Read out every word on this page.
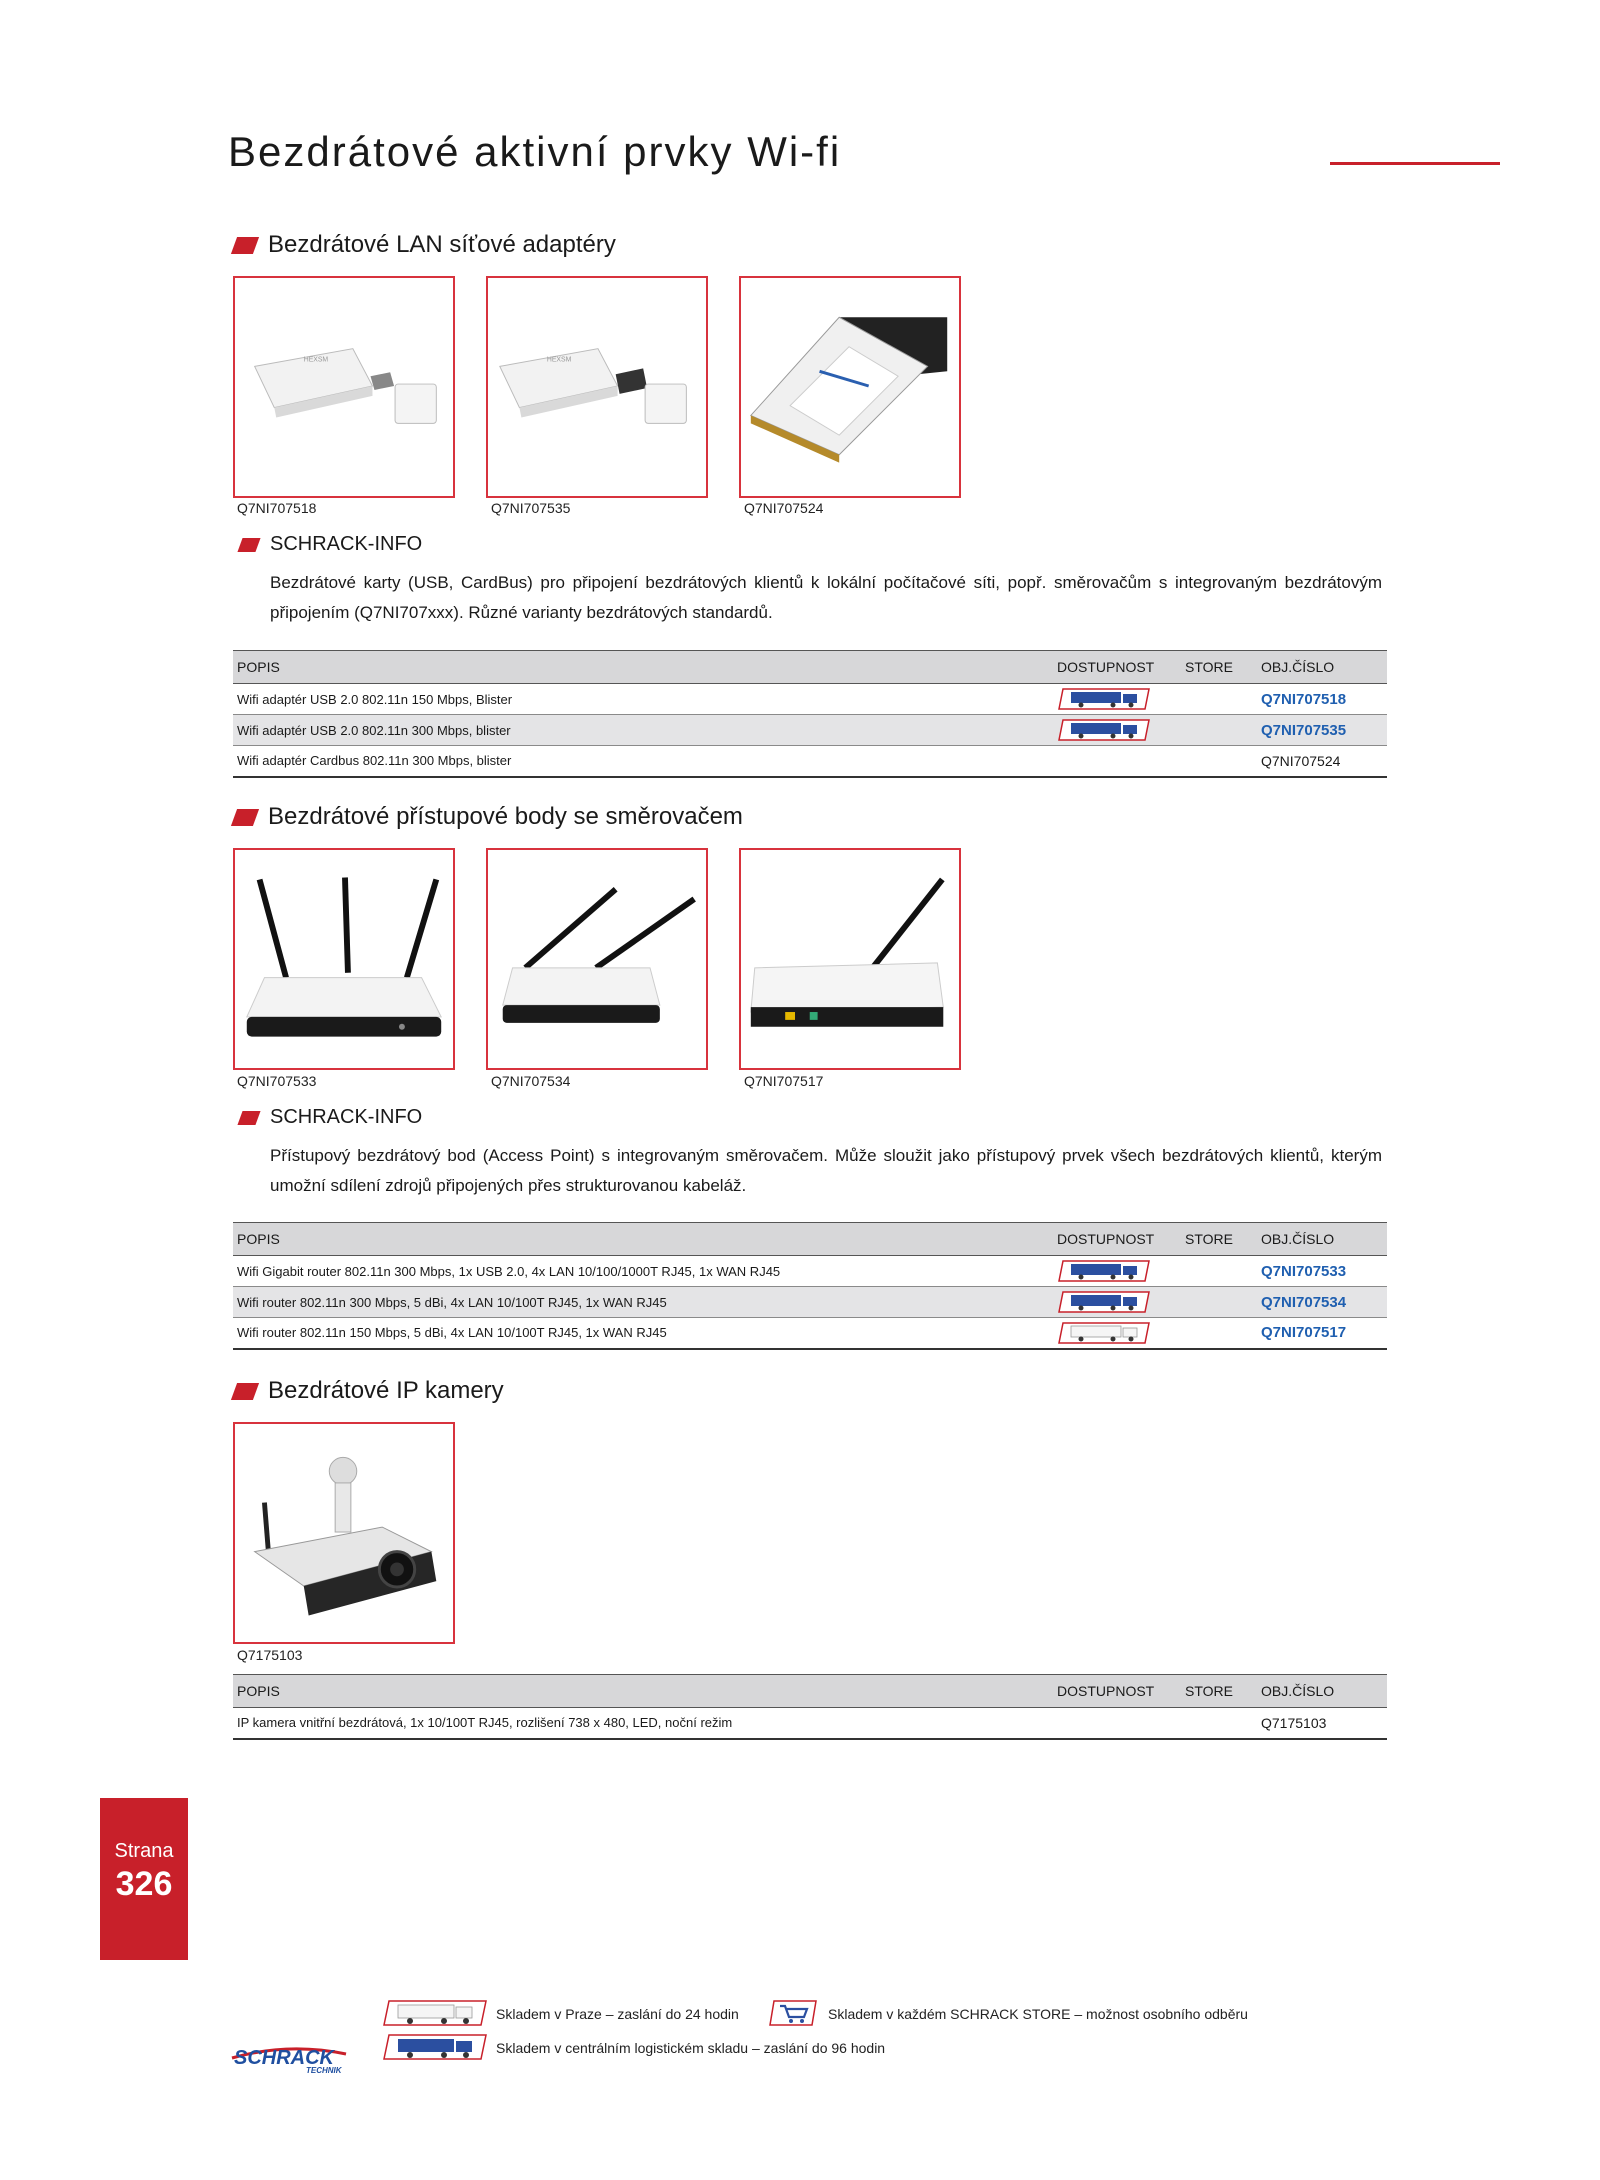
Bezdrátové aktivní prvky Wi-fi
Bezdrátové LAN síťové adaptéry
HEXSM	HEXSM
Q7NI707518	Q7NI707535	Q7NI707524
SCHRACK-INFO

Bezdrátové karty (USB, CardBus) pro připojení bezdrátových klientů k lokální počítačové síti, popř. směrovačům s integrovaným bezdrátovým připojením (Q7NI707xxx). Různé varianty bezdrátových standardů.

POPIS	DOSTUPNOST	STORE	OBJ.ČÍSLO
Wifi adaptér USB 2.0 802.11n 150 Mbps, Blister			Q7NI707518
Wifi adaptér USB 2.0 802.11n 300 Mbps, blister			Q7NI707535
Wifi adaptér Cardbus 802.11n 300 Mbps, blister			Q7NI707524
Bezdrátové přístupové body se směrovačem
Q7NI707533	Q7NI707534	Q7NI707517
SCHRACK-INFO

Přístupový bezdrátový bod (Access Point) s integrovaným směrovačem. Může sloužit jako přístupový prvek všech bezdrátových klientů, kterým umožní sdílení zdrojů připojených přes strukturovanou kabeláž.

POPIS	DOSTUPNOST	STORE	OBJ.ČÍSLO
Wifi Gigabit router 802.11n 300 Mbps, 1x USB 2.0, 4x LAN 10/100/1000T RJ45, 1x WAN RJ45			Q7NI707533
Wifi router 802.11n 300 Mbps, 5 dBi, 4x LAN 10/100T RJ45, 1x WAN RJ45			Q7NI707534
Wifi router 802.11n 150 Mbps, 5 dBi, 4x LAN 10/100T RJ45, 1x WAN RJ45			Q7NI707517
Bezdrátové IP kamery
Q7175103
POPIS	DOSTUPNOST	STORE	OBJ.ČÍSLO
IP kamera vnitřní bezdrátová, 1x 10/100T RJ45, rozlišení 738 x 480, LED, noční režim			Q7175103
Strana
326
Skladem v Praze – zaslání do 24 hodin
Skladem v centrálním logistickém skladu – zaslání do 96 hodin
Skladem v každém SCHRACK STORE – možnost osobního odběru
SCHRACK
TECHNIK
